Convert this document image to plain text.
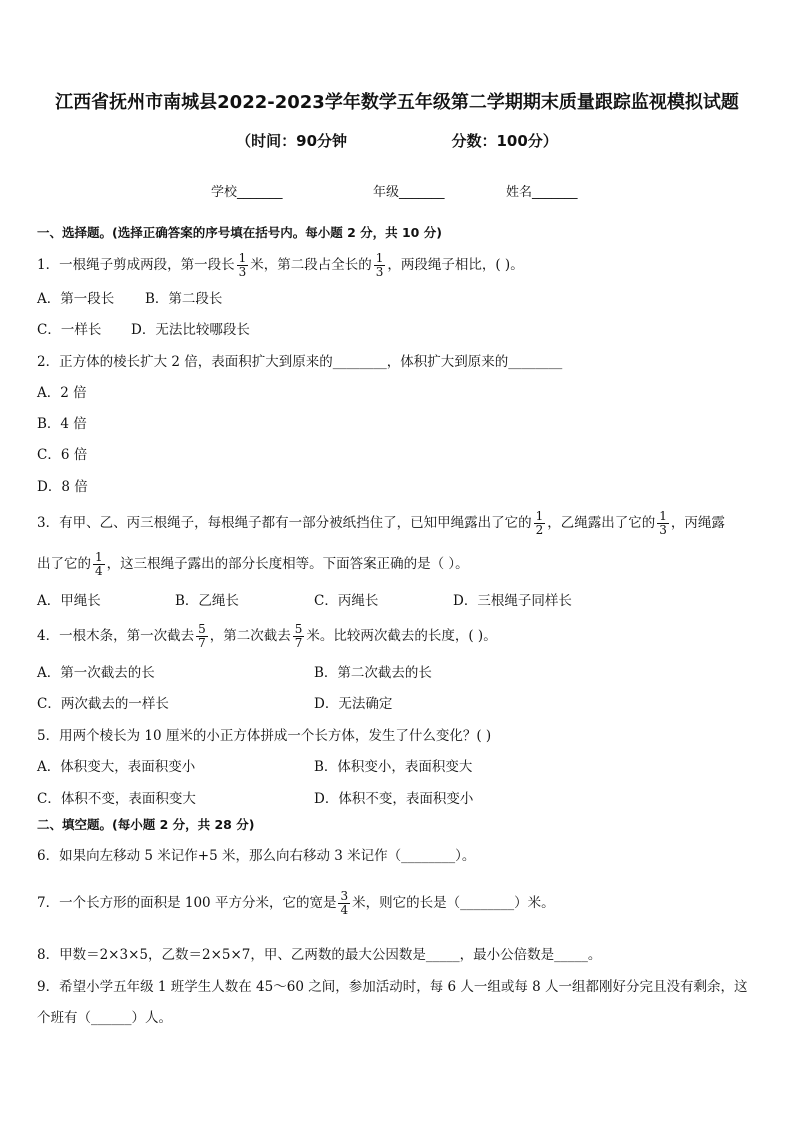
江西省抚州市南城县2022-2023学年数学五年级第二学期期末质量跟踪监视模拟试题
（时间：90分钟                    分数：100分）
学校_______	年级_______	姓名_______
一、选择题。(选择正确答案的序号填在括号内。每小题 2 分，共 10 分)
1．一根绳子剪成两段，第一段长 $\frac{1}{3}$ 米，第二段占全长的 $\frac{1}{3}$ ，两段绳子相比，( )。
A．第一段长 B．第二段长
C．一样长 D．无法比较哪段长
2．正方体的棱长扩大 2 倍，表面积扩大到原来的________，体积扩大到原来的________
A．2 倍
B．4 倍
C．6 倍
D．8 倍
3．有甲、乙、丙三根绳子，每根绳子都有一部分被纸挡住了，已知甲绳露出了它的 $\frac{1}{2}$ ，乙绳露出了它的 $\frac{1}{3}$ ，丙绳露
出了它的 $\frac{1}{4}$ ，这三根绳子露出的部分长度相等。下面答案正确的是（ ）。
A．甲绳长	B．乙绳长	C．丙绳长	D．三根绳子同样长
4．一根木条，第一次截去 $\frac{5}{7}$ ，第二次截去 $\frac{5}{7}$ 米。比较两次截去的长度，( )。
A．第一次截去的长	B．第二次截去的长
C．两次截去的一样长	D．无法确定
5．用两个棱长为 10 厘米的小正方体拼成一个长方体，发生了什么变化？( )
A．体积变大，表面积变小	B．体积变小，表面积变大
C．体积不变，表面积变大	D．体积不变，表面积变小
二、填空题。(每小题 2 分，共 28 分)
6．如果向左移动 5 米记作+5 米，那么向右移动 3 米记作（________）。
7．一个长方形的面积是 100 平方分米，它的宽是 $\frac{3}{4}$ 米，则它的长是（________）米。
8．甲数＝2×3×5，乙数＝2×5×7，甲、乙两数的最大公因数是_____，最小公倍数是_____。
9．希望小学五年级 1 班学生人数在 45～60 之间，参加活动时，每 6 人一组或每 8 人一组都刚好分完且没有剩余，这
个班有（______）人。
